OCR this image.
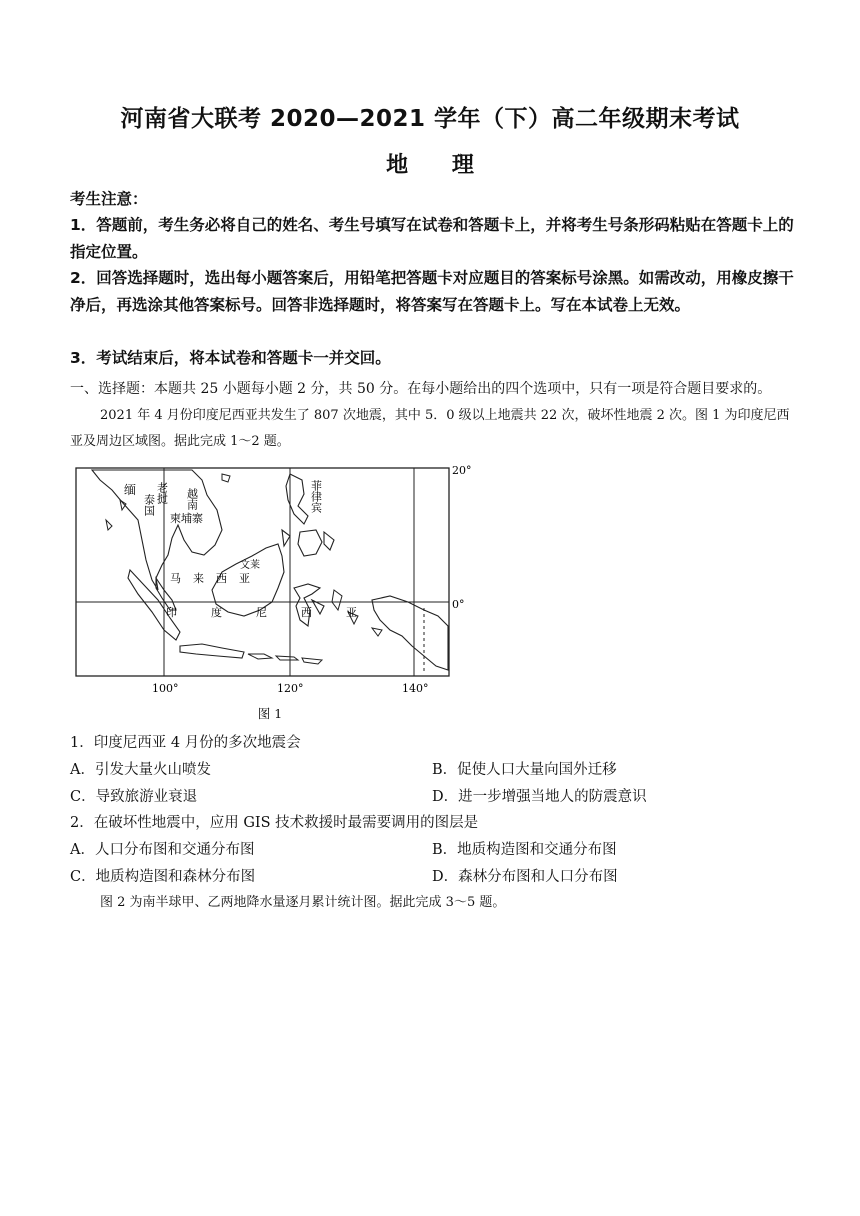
河南省大联考 2020—2021 学年（下）高二年级期末考试
地 理
考生注意：
1．答题前，考生务必将自己的姓名、考生号填写在试卷和答题卡上，并将考生号条形码粘贴在答题卡上的指定位置。
2．回答选择题时，选出每小题答案后，用铅笔把答题卡对应题目的答案标号涂黑。如需改动，用橡皮擦干净后，再选涂其他答案标号。回答非选择题时，将答案写在答题卡上。写在本试卷上无效。
3．考试结束后，将本试卷和答题卡一并交回。
一、选择题：本题共 25 小题每小题 2 分，共 50 分。在每小题给出的四个选项中，只有一项是符合题目要求的。
2021 年 4 月份印度尼西亚共发生了 807 次地震，其中 5．0 级以上地震共 22 次，破坏性地震 2 次。图 1 为印度尼西亚及周边区域图。据此完成 1～2 题。
缅 老挝 越南
泰国
柬埔寨
菲律宾
文莱
马来西亚
印度尼西亚
20°
0°
100°	120°	140°
图 1
1．印度尼西亚 4 月份的多次地震会
A．引发大量火山喷发	B．促使人口大量向国外迁移
C．导致旅游业衰退	D．进一步增强当地人的防震意识
2．在破坏性地震中，应用 GIS 技术救援时最需要调用的图层是
A．人口分布图和交通分布图	B．地质构造图和交通分布图
C．地质构造图和森林分布图	D．森林分布图和人口分布图
图 2 为南半球甲、乙两地降水量逐月累计统计图。据此完成 3～5 题。
